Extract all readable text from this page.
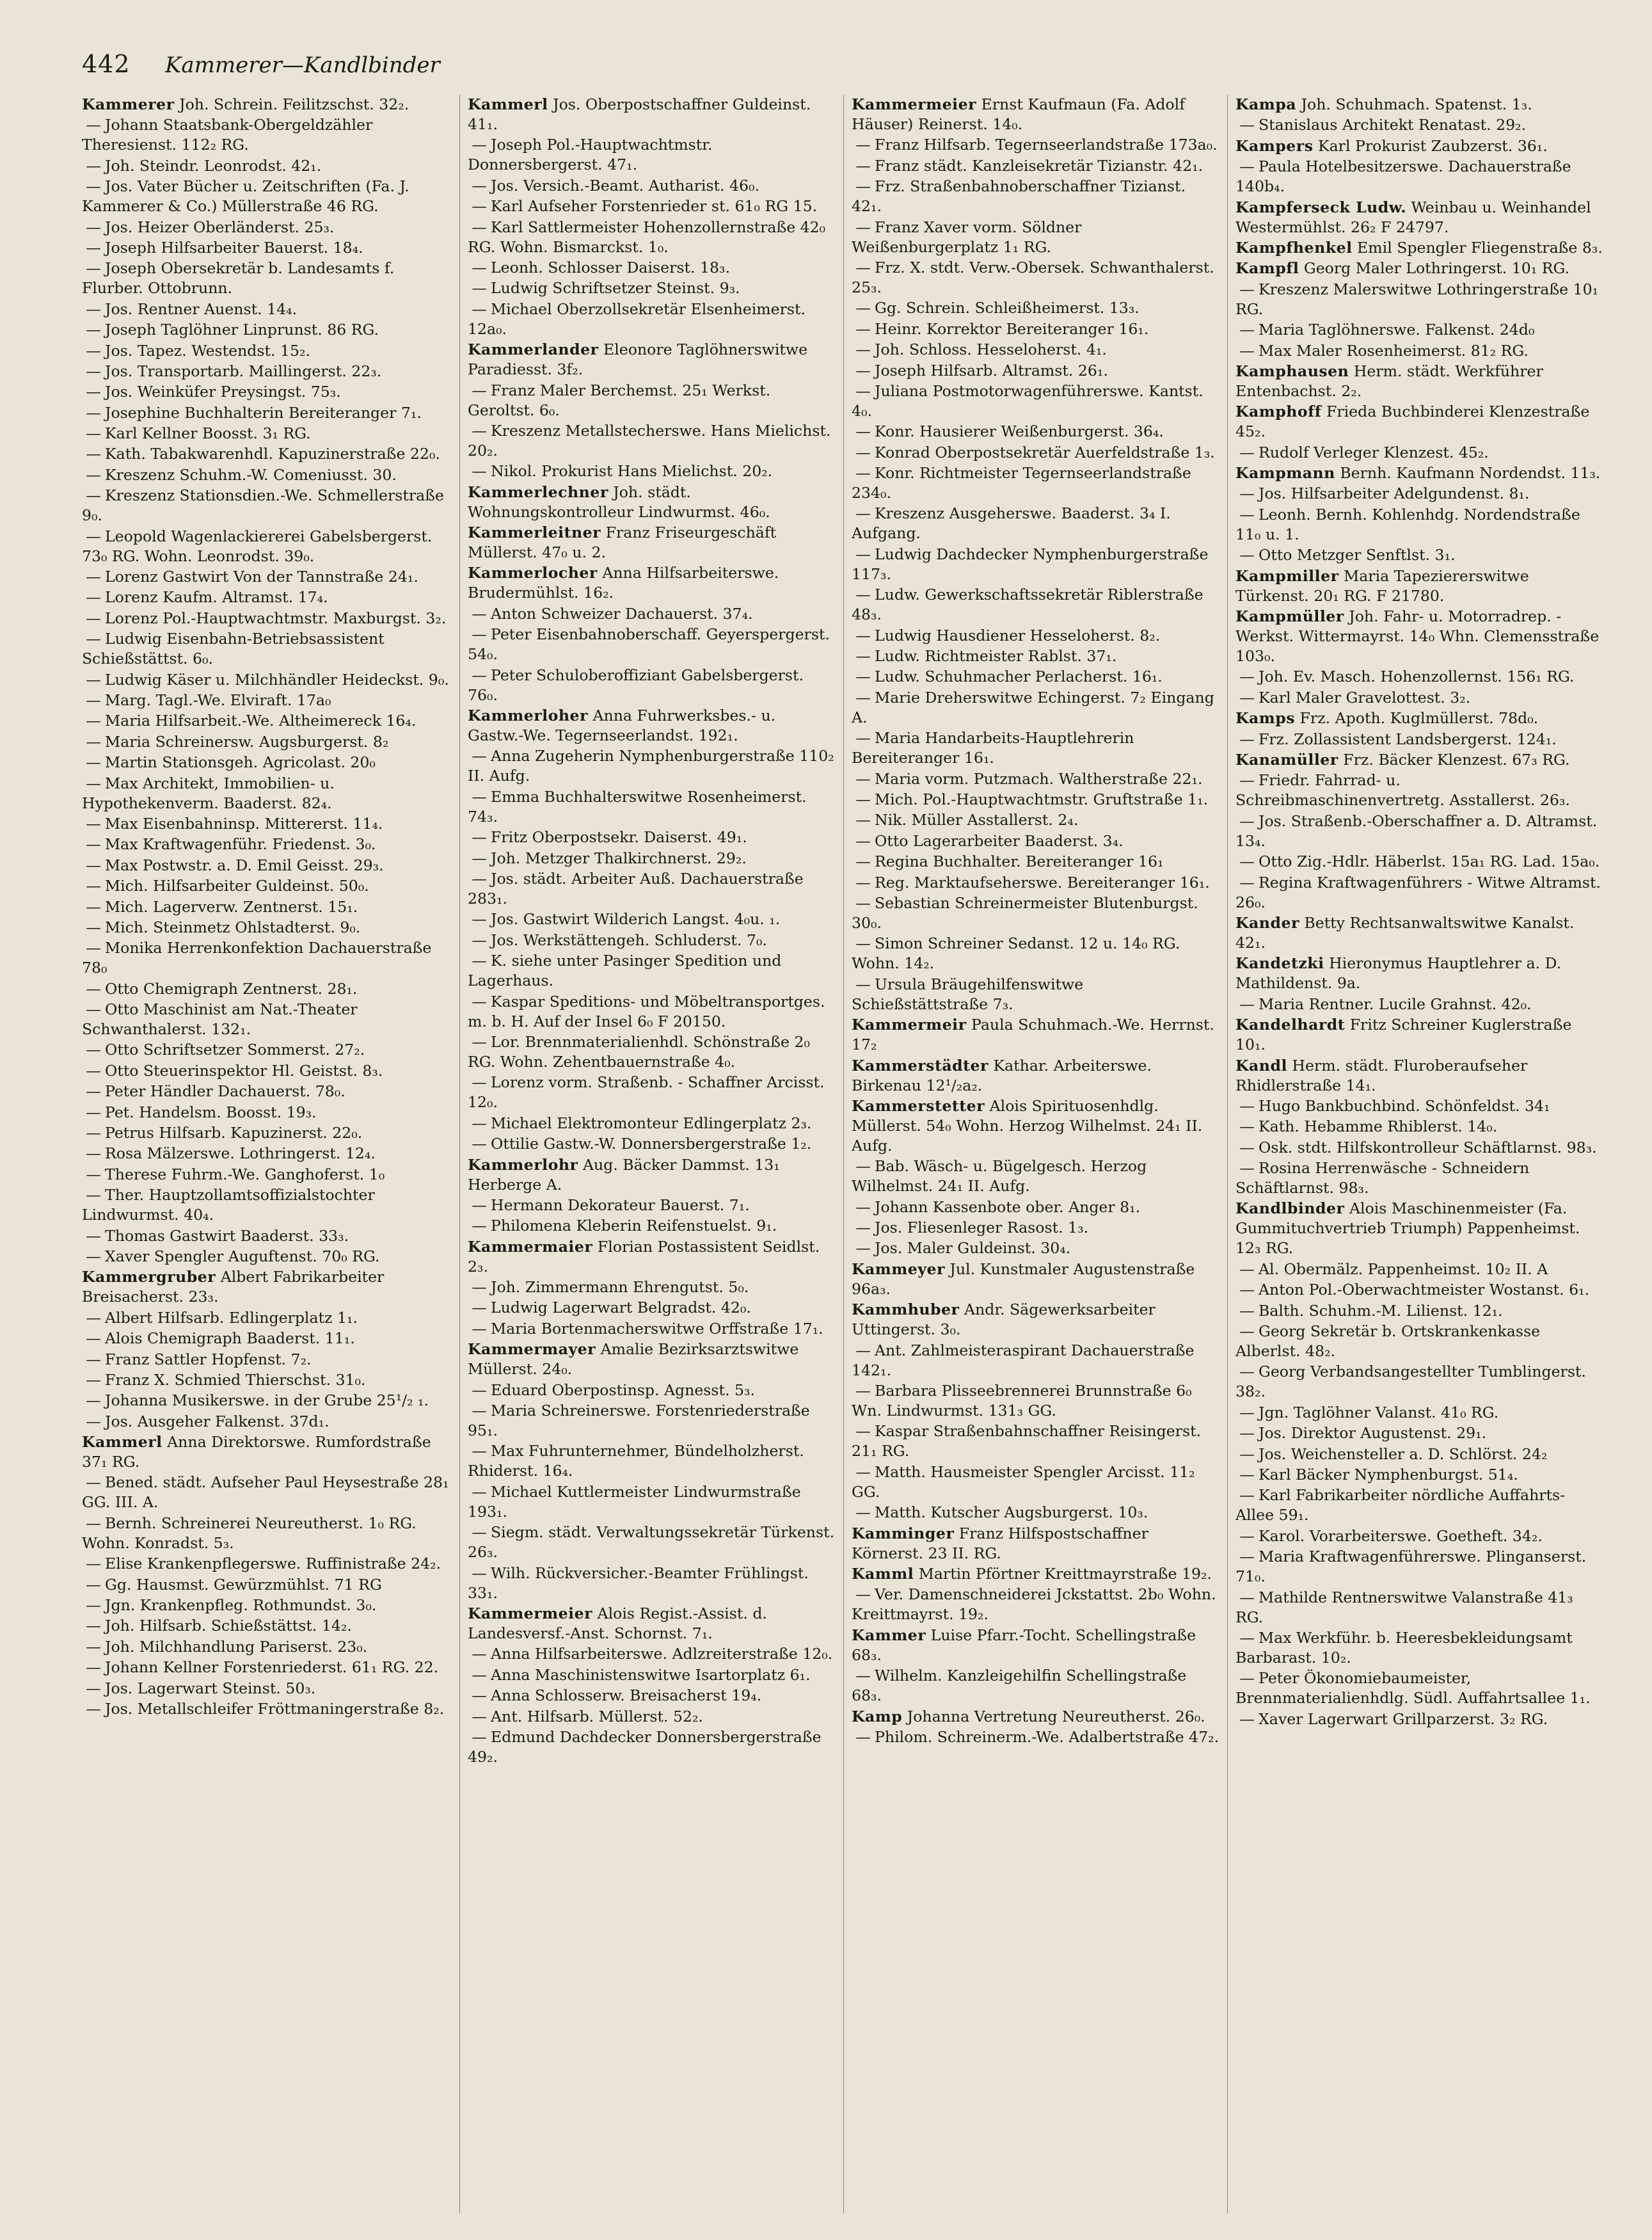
442 Kammerer—Kandlbinder
Kammerer Joh. Schrein. Feilitzschst. 32₂.
— Johann Staatsbank-Obergeldzähler Theresienst. 112₂ RG.
— Joh. Steindr. Leonrodst. 42₁.
— Jos. Vater Bücher u. Zeitschriften (Fa. J. Kammerer & Co.) Müllerstraße 46 RG.
— Jos. Heizer Oberländerst. 25₃.
— Joseph Hilfsarbeiter Bauerst. 18₄.
— Joseph Obersekretär b. Landesamts f. Flurber. Ottobrunn.
— Jos. Rentner Auenst. 14₄.
— Joseph Taglöhner Linprunst. 86 RG.
— Jos. Tapez. Westendst. 15₂.
— Jos. Transportarb. Maillingerst. 22₃.
— Jos. Weinküfer Preysingst. 75₃.
— Josephine Buchhalterin Bereiteranger 7₁.
— Karl Kellner Boosst. 3₁ RG.
— Kath. Tabakwarenhdl. Kapuzinerstraße 22₀.
— Kreszenz Schuhm.-W. Comeniusst. 30.
— Kreszenz Stationsdien.-We. Schmellerstraße 9₀.
— Leopold Wagenlackiererei Gabelsbergerst. 73₀ RG. Wohn. Leonrodst. 39₀.
— Lorenz Gastwirt Von der Tannstraße 24₁.
— Lorenz Kaufm. Altramst. 17₄.
— Lorenz Pol.-Hauptwachtmstr. Maxburgst. 3₂.
— Ludwig Eisenbahn-Betriebsassistent Schießstättst. 6₀.
— Ludwig Käser u. Milchhändler Heideckst. 9₀.
— Marg. Tagl.-We. Elviraft. 17a₀
— Maria Hilfsarbeit.-We. Altheimereck 16₄.
— Maria Schreinersw. Augsburgerst. 8₂
— Martin Stationsgeh. Agricolast. 20₀
— Max Architekt, Immobilien- u. Hypothekenverm. Baaderst. 82₄.
— Max Eisenbahninsp. Mittererst. 11₄.
— Max Kraftwagenführ. Friedenst. 3₀.
— Max Postwstr. a. D. Emil Geisst. 29₃.
— Mich. Hilfsarbeiter Guldeinst. 50₀.
— Mich. Lagerverw. Zentnerst. 15₁.
— Mich. Steinmetz Ohlstadterst. 9₀.
— Monika Herrenkonfektion Dachauerstraße 78₀
— Otto Chemigraph Zentnerst. 28₁.
— Otto Maschinist am Nat.-Theater Schwanthalerst. 132₁.
— Otto Schriftsetzer Sommerst. 27₂.
— Otto Steuerinspektor Hl. Geistst. 8₃.
— Peter Händler Dachauerst. 78₀.
— Pet. Handelsm. Boosst. 19₃.
— Petrus Hilfsarb. Kapuzinerst. 22₀.
— Rosa Mälzerswe. Lothringerst. 12₄.
— Therese Fuhrm.-We. Ganghoferst. 1₀
— Ther. Hauptzollamtsoffizialstochter Lindwurmst. 40₄.
— Thomas Gastwirt Baaderst. 33₃.
— Xaver Spengler Auguftenst. 70₀ RG.
Kammergruber Albert Fabrikarbeiter Breisacherst. 23₃.
— Albert Hilfsarb. Edlingerplatz 1₁.
— Alois Chemigraph Baaderst. 11₁.
— Franz Sattler Hopfenst. 7₂.
— Franz X. Schmied Thierschst. 31₀.
— Johanna Musikerswe. in der Grube 25¹/₂ ₁.
— Jos. Ausgeher Falkenst. 37d₁.
Kammerl Anna Direktorswe. Rumfordstraße 37₁ RG.
— Bened. städt. Aufseher Paul Heysestraße 28₁ GG. III. A.
— Bernh. Schreinerei Neureutherst. 1₀ RG. Wohn. Konradst. 5₃.
— Elise Krankenpflegerswe. Ruffinistraße 24₂.
— Gg. Hausmst. Gewürzmühlst. 71 RG
— Jgn. Krankenpfleg. Rothmundst. 3₀.
— Joh. Hilfsarb. Schießstättst. 14₂.
— Joh. Milchhandlung Pariserst. 23₀.
— Johann Kellner Forstenriederst. 61₁ RG. 22.
— Jos. Lagerwart Steinst. 50₃.
— Jos. Metallschleifer Fröttmaningerstraße 8₂.
Kammerl Jos. Oberpostschaffner Guldeinst. 41₁.
— Joseph Pol.-Hauptwachtmstr. Donnersbergerst. 47₁.
— Jos. Versich.-Beamt. Autharist. 46₀.
— Karl Aufseher Forstenrieder st. 61₀ RG 15.
— Karl Sattlermeister Hohenzollernstraße 42₀ RG. Wohn. Bismarckst. 1₀.
— Leonh. Schlosser Daiserst. 18₃.
— Ludwig Schriftsetzer Steinst. 9₃.
— Michael Oberzollsekretär Elsenheimerst. 12a₀.
Kammerlander Eleonore Taglöhnerswitwe Paradiesst. 3f₂.
— Franz Maler Berchemst. 25₁ Werkst. Geroltst. 6₀.
— Kreszenz Metallstecherswe. Hans Mielichst. 20₂.
— Nikol. Prokurist Hans Mielichst. 20₂.
Kammerlechner Joh. städt. Wohnungskontrolleur Lindwurmst. 46₀.
Kammerleitner Franz Friseurgeschäft Müllerst. 47₀ u. 2.
Kammerlocher Anna Hilfsarbeiterswe. Brudermühlst. 16₂.
— Anton Schweizer Dachauerst. 37₄.
— Peter Eisenbahnoberschaff. Geyerspergerst. 54₀.
— Peter Schuloberoffiziant Gabelsbergerst. 76₀.
Kammerloher Anna Fuhrwerksbes.- u. Gastw.-We. Tegernseerlandst. 192₁.
— Anna Zugeherin Nymphenburgerstraße 110₂ II. Aufg.
— Emma Buchhalterswitwe Rosenheimerst. 74₃.
— Fritz Oberpostsekr. Daiserst. 49₁.
— Joh. Metzger Thalkirchnerst. 29₂.
— Jos. städt. Arbeiter Auß. Dachauerstraße 283₁.
— Jos. Gastwirt Wilderich Langst. 4₀u. ₁.
— Jos. Werkstättengeh. Schluderst. 7₀.
— K. siehe unter Pasinger Spedition und Lagerhaus.
— Kaspar Speditions- und Möbeltransportges. m. b. H. Auf der Insel 6₀ F 20150.
— Lor. Brennmaterialienhdl. Schönstraße 2₀ RG. Wohn. Zehentbauernstraße 4₀.
— Lorenz vorm. Straßenb. - Schaffner Arcisst. 12₀.
— Michael Elektromonteur Edlingerplatz 2₃.
— Ottilie Gastw.-W. Donnersbergerstraße 1₂.
Kammerlohr Aug. Bäcker Dammst. 13₁ Herberge A.
— Hermann Dekorateur Bauerst. 7₁.
— Philomena Kleberin Reifenstuelst. 9₁.
Kammermaier Florian Postassistent Seidlst. 2₃.
— Joh. Zimmermann Ehrengutst. 5₀.
— Ludwig Lagerwart Belgradst. 42₀.
— Maria Bortenmacherswitwe Orffstraße 17₁.
Kammermayer Amalie Bezirksarztswitwe Müllerst. 24₀.
— Eduard Oberpostinsp. Agnesst. 5₃.
— Maria Schreinerswe. Forstenriederstraße 95₁.
— Max Fuhrunternehmer, Bündelholzherst. Rhiderst. 16₄.
— Michael Kuttlermeister Lindwurmstraße 193₁.
— Siegm. städt. Verwaltungssekretär Türkenst. 26₃.
— Wilh. Rückversicher.-Beamter Frühlingst. 33₁.
Kammermeier Alois Regist.-Assist. d. Landesversf.-Anst. Schornst. 7₁.
— Anna Hilfsarbeiterswe. Adlzreiterstraße 12₀.
— Anna Maschinistenswitwe Isartorplatz 6₁.
— Anna Schlosserw. Breisacherst 19₄.
— Ant. Hilfsarb. Müllerst. 52₂.
— Edmund Dachdecker Donnersbergerstraße 49₂.
Kammermeier Ernst Kaufmaun (Fa. Adolf Häuser) Reinerst. 14₀.
— Franz Hilfsarb. Tegernseerlandstraße 173a₀.
— Franz städt. Kanzleisekretär Tizianstr. 42₁.
— Frz. Straßenbahnoberschaffner Tizianst. 42₁.
— Franz Xaver vorm. Söldner Weißenburgerplatz 1₁ RG.
— Frz. X. stdt. Verw.-Obersek. Schwanthalerst. 25₃.
— Gg. Schrein. Schleißheimerst. 13₃.
— Heinr. Korrektor Bereiteranger 16₁.
— Joh. Schloss. Hesseloherst. 4₁.
— Joseph Hilfsarb. Altramst. 26₁.
— Juliana Postmotorwagenführerswe. Kantst. 4₀.
— Konr. Hausierer Weißenburgerst. 36₄.
— Konrad Oberpostsekretär Auerfeldstraße 1₃.
— Konr. Richtmeister Tegernseerlandstraße 234₀.
— Kreszenz Ausgeherswe. Baaderst. 3₄ I. Aufgang.
— Ludwig Dachdecker Nymphenburgerstraße 117₃.
— Ludw. Gewerkschaftssekretär Riblerstraße 48₃.
— Ludwig Hausdiener Hesseloherst. 8₂.
— Ludw. Richtmeister Rablst. 37₁.
— Ludw. Schuhmacher Perlacherst. 16₁.
— Marie Dreherswitwe Echingerst. 7₂ Eingang A.
— Maria Handarbeits-Hauptlehrerin Bereiteranger 16₁.
— Maria vorm. Putzmach. Waltherstraße 22₁.
— Mich. Pol.-Hauptwachtmstr. Gruftstraße 1₁.
— Nik. Müller Asstallerst. 2₄.
— Otto Lagerarbeiter Baaderst. 3₄.
— Regina Buchhalter. Bereiteranger 16₁
— Reg. Marktaufseherswe. Bereiteranger 16₁.
— Sebastian Schreinermeister Blutenburgst. 30₀.
— Simon Schreiner Sedanst. 12 u. 14₀ RG. Wohn. 14₂.
— Ursula Bräugehilfenswitwe Schießstättstraße 7₃.
Kammermeir Paula Schuhmach.-We. Herrnst. 17₂
Kammerstädter Kathar. Arbeiterswe. Birkenau 12¹/₂a₂.
Kammerstetter Alois Spirituosenhdlg. Müllerst. 54₀ Wohn. Herzog Wilhelmst. 24₁ II. Aufg.
— Bab. Wäsch- u. Bügelgesch. Herzog Wilhelmst. 24₁ II. Aufg.
— Johann Kassenbote ober. Anger 8₁.
— Jos. Fliesenleger Rasost. 1₃.
— Jos. Maler Guldeinst. 30₄.
Kammeyer Jul. Kunstmaler Augustenstraße 96a₃.
Kammhuber Andr. Sägewerksarbeiter Uttingerst. 3₀.
— Ant. Zahlmeisteraspirant Dachauerstraße 142₁.
— Barbara Plisseebrennerei Brunnstraße 6₀ Wn. Lindwurmst. 131₃ GG.
— Kaspar Straßenbahnschaffner Reisingerst. 21₁ RG.
— Matth. Hausmeister Spengler Arcisst. 11₂ GG.
— Matth. Kutscher Augsburgerst. 10₃.
Kamminger Franz Hilfspostschaffner Körnerst. 23 II. RG.
Kamml Martin Pförtner Kreittmayrstraße 19₂.
— Ver. Damenschneiderei Jckstattst. 2b₀ Wohn. Kreittmayrst. 19₂.
Kammer Luise Pfarr.-Tocht. Schellingstraße 68₃.
— Wilhelm. Kanzleigehilfin Schellingstraße 68₃.
Kamp Johanna Vertretung Neureutherst. 26₀.
— Philom. Schreinerm.-We. Adalbertstraße 47₂.
Kampa Joh. Schuhmach. Spatenst. 1₃.
— Stanislaus Architekt Renatast. 29₂.
Kampers Karl Prokurist Zaubzerst. 36₁.
— Paula Hotelbesitzerswe. Dachauerstraße 140b₄.
Kampferseck Ludw. Weinbau u. Weinhandel Westermühlst. 26₂ F 24797.
Kampfhenkel Emil Spengler Fliegenstraße 8₃.
Kampfl Georg Maler Lothringerst. 10₁ RG.
— Kreszenz Malerswitwe Lothringerstraße 10₁ RG.
— Maria Taglöhnerswe. Falkenst. 24d₀
— Max Maler Rosenheimerst. 81₂ RG.
Kamphausen Herm. städt. Werkführer Entenbachst. 2₂.
Kamphoff Frieda Buchbinderei Klenzestraße 45₂.
— Rudolf Verleger Klenzest. 45₂.
Kampmann Bernh. Kaufmann Nordendst. 11₃.
— Jos. Hilfsarbeiter Adelgundenst. 8₁.
— Leonh. Bernh. Kohlenhdg. Nordendstraße 11₀ u. 1.
— Otto Metzger Senftlst. 3₁.
Kampmiller Maria Tapeziererswitwe Türkenst. 20₁ RG. F 21780.
Kampmüller Joh. Fahr- u. Motorradrep. - Werkst. Wittermayrst. 14₀ Whn. Clemensstraße 103₀.
— Joh. Ev. Masch. Hohenzollernst. 156₁ RG.
— Karl Maler Gravelottest. 3₂.
Kamps Frz. Apoth. Kuglmüllerst. 78d₀.
— Frz. Zollassistent Landsbergerst. 124₁.
Kanamüller Frz. Bäcker Klenzest. 67₃ RG.
— Friedr. Fahrrad- u. Schreibmaschinenvertretg. Asstallerst. 26₃.
— Jos. Straßenb.-Oberschaffner a. D. Altramst. 13₄.
— Otto Zig.-Hdlr. Häberlst. 15a₁ RG. Lad. 15a₀.
— Regina Kraftwagenführers - Witwe Altramst. 26₀.
Kander Betty Rechtsanwaltswitwe Kanalst. 42₁.
Kandetzki Hieronymus Hauptlehrer a. D. Mathildenst. 9a.
— Maria Rentner. Lucile Grahnst. 42₀.
Kandelhardt Fritz Schreiner Kuglerstraße 10₁.
Kandl Herm. städt. Fluroberaufseher Rhidlerstraße 14₁.
— Hugo Bankbuchbind. Schönfeldst. 34₁
— Kath. Hebamme Rhiblerst. 14₀.
— Osk. stdt. Hilfskontrolleur Schäftlarnst. 98₃.
— Rosina Herrenwäsche - Schneidern Schäftlarnst. 98₃.
Kandlbinder Alois Maschinenmeister (Fa. Gummituchvertrieb Triumph) Pappenheimst. 12₃ RG.
— Al. Obermälz. Pappenheimst. 10₂ II. A
— Anton Pol.-Oberwachtmeister Wostanst. 6₁.
— Balth. Schuhm.-M. Lilienst. 12₁.
— Georg Sekretär b. Ortskrankenkasse Alberlst. 48₂.
— Georg Verbandsangestellter Tumblingerst. 38₂.
— Jgn. Taglöhner Valanst. 41₀ RG.
— Jos. Direktor Augustenst. 29₁.
— Jos. Weichensteller a. D. Schlörst. 24₂
— Karl Bäcker Nymphenburgst. 51₄.
— Karl Fabrikarbeiter nördliche Auffahrts-Allee 59₁.
— Karol. Vorarbeiterswe. Goetheft. 34₂.
— Maria Kraftwagenführerswe. Plinganserst. 71₀.
— Mathilde Rentnerswitwe Valanstraße 41₃ RG.
— Max Werkführ. b. Heeresbekleidungsamt Barbarast. 10₂.
— Peter Ökonomiebaumeister, Brennmaterialienhdlg. Südl. Auffahrtsallee 1₁.
— Xaver Lagerwart Grillparzerst. 3₂ RG.
